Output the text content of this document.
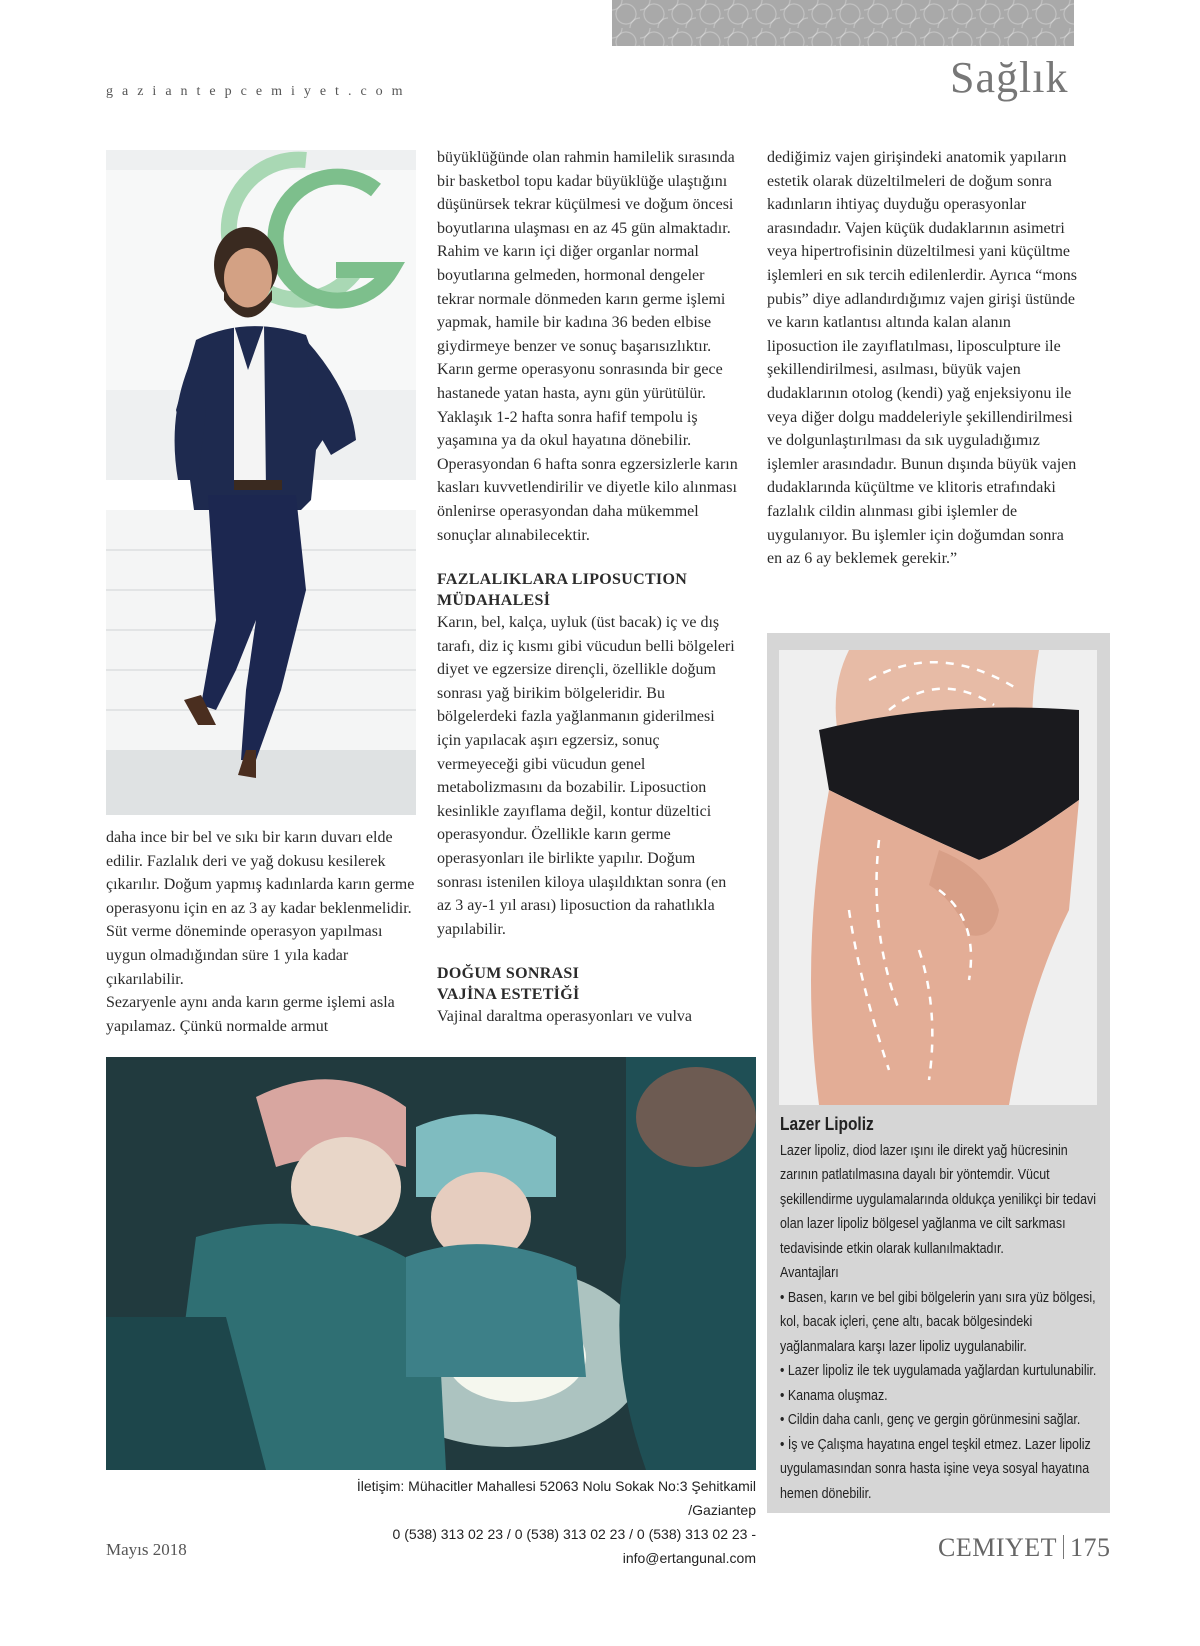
gaziantepcemiyet.com	Sağlık

daha ince bir bel ve sıkı bir karın duvarı elde edilir. Fazlalık deri ve yağ dokusu kesilerek çıkarılır. Doğum yapmış kadınlarda karın germe operasyonu için en az 3 ay kadar beklenmelidir. Süt verme döneminde operasyon yapılması uygun olmadığından süre 1 yıla kadar çıkarılabilir.

Sezaryenle aynı anda karın germe işlemi asla yapılamaz. Çünkü normalde armut

büyüklüğünde olan rahmin hamilelik sırasında bir basketbol topu kadar büyüklüğe ulaştığını düşünürsek tekrar küçülmesi ve doğum öncesi boyutlarına ulaşması en az 45 gün almaktadır. Rahim ve karın içi diğer organlar normal boyutlarına gelmeden, hormonal dengeler tekrar normale dönmeden karın germe işlemi yapmak, hamile bir kadına 36 beden elbise giydirmeye benzer ve sonuç başarısızlıktır. Karın germe operasyonu sonrasında bir gece hastanede yatan hasta, aynı gün yürütülür. Yaklaşık 1-2 hafta sonra hafif tempolu iş yaşamına ya da okul hayatına dönebilir. Operasyondan 6 hafta sonra egzersizlerle karın kasları kuvvetlendirilir ve diyetle kilo alınması önlenirse operasyondan daha mükemmel sonuçlar alınabilecektir.

FAZLALIKLARA LIPOSUCTION
MÜDAHALESİ

Karın, bel, kalça, uyluk (üst bacak) iç ve dış tarafı, diz iç kısmı gibi vücudun belli bölgeleri diyet ve egzersize dirençli, özellikle doğum sonrası yağ birikim bölgeleridir. Bu bölgelerdeki fazla yağlanmanın giderilmesi için yapılacak aşırı egzersiz, sonuç vermeyeceği gibi vücudun genel metabolizmasını da bozabilir. Liposuction kesinlikle zayıflama değil, kontur düzeltici operasyondur. Özellikle karın germe operasyonları ile birlikte yapılır. Doğum sonrası istenilen kiloya ulaşıldıktan sonra (en az 3 ay-1 yıl arası) liposuction da rahatlıkla yapılabilir.

DOĞUM SONRASI
VAJİNA ESTETİĞİ

Vajinal daraltma operasyonları ve vulva

dediğimiz vajen girişindeki anatomik yapıların estetik olarak düzeltilmeleri de doğum sonra kadınların ihtiyaç duyduğu operasyonlar arasındadır. Vajen küçük dudaklarının asimetri veya hipertrofisinin düzeltilmesi yani küçültme işlemleri en sık tercih edilenlerdir. Ayrıca “mons pubis” diye adlandırdığımız vajen girişi üstünde ve karın katlantısı altında kalan alanın liposuction ile zayıflatılması, liposculpture ile şekillendirilmesi, asılması, büyük vajen dudaklarının otolog (kendi) yağ enjeksiyonu ile veya diğer dolgu maddeleriyle şekillendirilmesi ve dolgunlaştırılması da sık uyguladığımız işlemler arasındadır. Bunun dışında büyük vajen dudaklarında küçültme ve klitoris etrafındaki fazlalık cildin alınması gibi işlemler de uygulanıyor. Bu işlemler için doğumdan sonra en az 6 ay beklemek gerekir.”

Lazer Lipoliz

Lazer lipoliz, diod lazer ışını ile direkt yağ hücresinin zarının patlatılmasına dayalı bir yöntemdir. Vücut şekillendirme uygulamalarında oldukça yenilikçi bir tedavi olan lazer lipoliz bölgesel yağlanma ve cilt sarkması tedavisinde etkin olarak kullanılmaktadır.

Avantajları

• Basen, karın ve bel gibi bölgelerin yanı sıra yüz bölgesi, kol, bacak içleri, çene altı, bacak bölgesindeki yağlanmalara karşı lazer lipoliz uygulanabilir.

• Lazer lipoliz ile tek uygulamada yağlardan kurtulunabilir.

• Kanama oluşmaz.

• Cildin daha canlı, genç ve gergin görünmesini sağlar.

• İş ve Çalışma hayatına engel teşkil etmez. Lazer lipoliz uygulamasından sonra hasta işine veya sosyal hayatına hemen dönebilir.

İletişim: Mühacitler Mahallesi 52063 Nolu Sokak No:3 Şehitkamil /Gaziantep
0 (538) 313 02 23 / 0 (538) 313 02 23 / 0 (538) 313 02 23 - info@ertangunal.com
Mayıs 2018	CEMIYET 175
